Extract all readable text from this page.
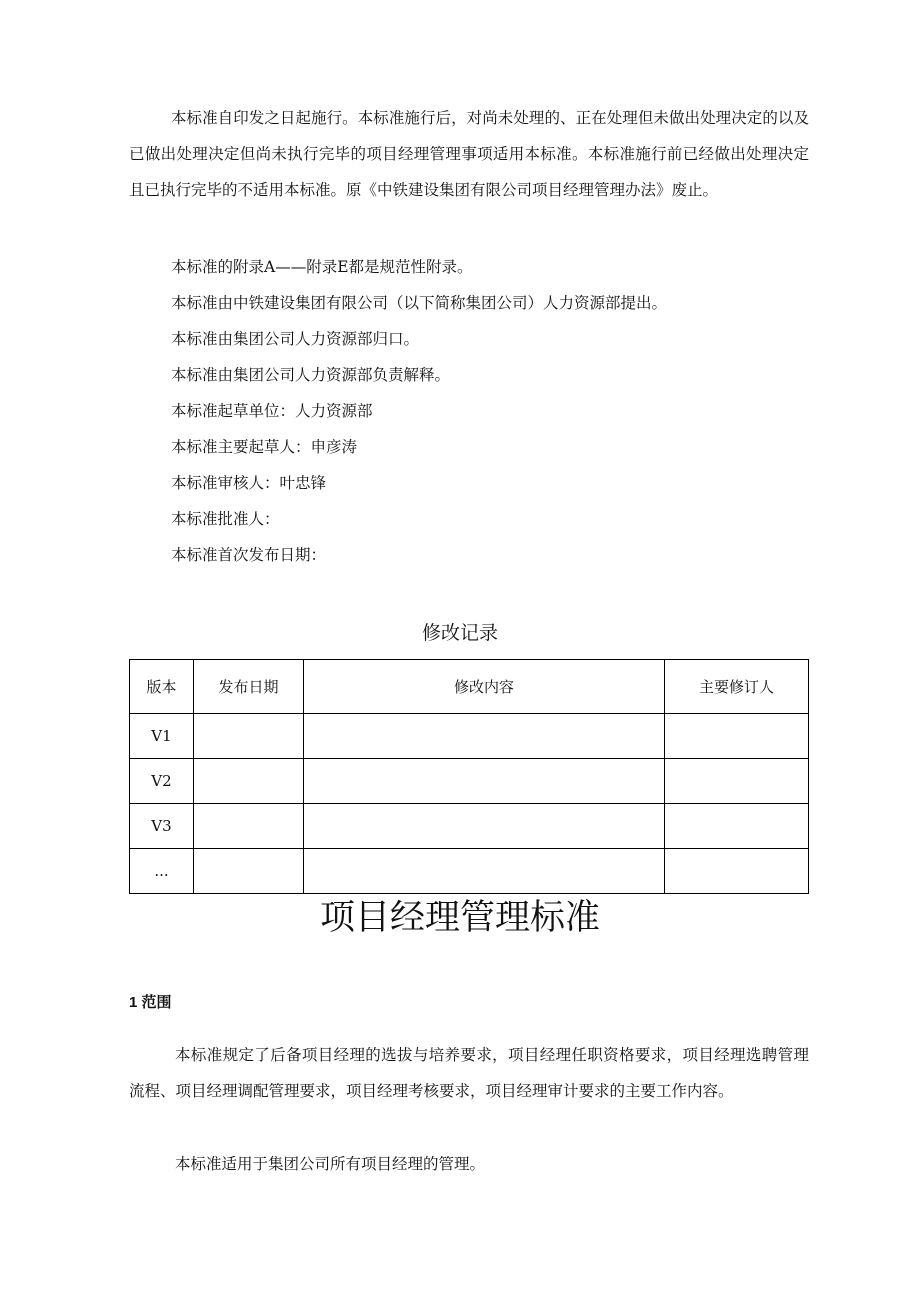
本标准自印发之日起施行。本标准施行后，对尚未处理的、正在处理但未做出处理决定的以及已做出处理决定但尚未执行完毕的项目经理管理事项适用本标准。本标准施行前已经做出处理决定且已执行完毕的不适用本标准。原《中铁建设集团有限公司项目经理管理办法》废止。
本标准的附录A——附录E都是规范性附录。
本标准由中铁建设集团有限公司（以下简称集团公司）人力资源部提出。
本标准由集团公司人力资源部归口。
本标准由集团公司人力资源部负责解释。
本标准起草单位：人力资源部
本标准主要起草人：申彦涛
本标准审核人：叶忠锋
本标准批准人：
本标准首次发布日期：
修改记录
版本	发布日期	修改内容	主要修订人
V1			
V2			
V3			
...			
项目经理管理标准
1 范围
本标准规定了后备项目经理的选拔与培养要求，项目经理任职资格要求，项目经理选聘管理流程、项目经理调配管理要求，项目经理考核要求，项目经理审计要求的主要工作内容。
本标准适用于集团公司所有项目经理的管理。
